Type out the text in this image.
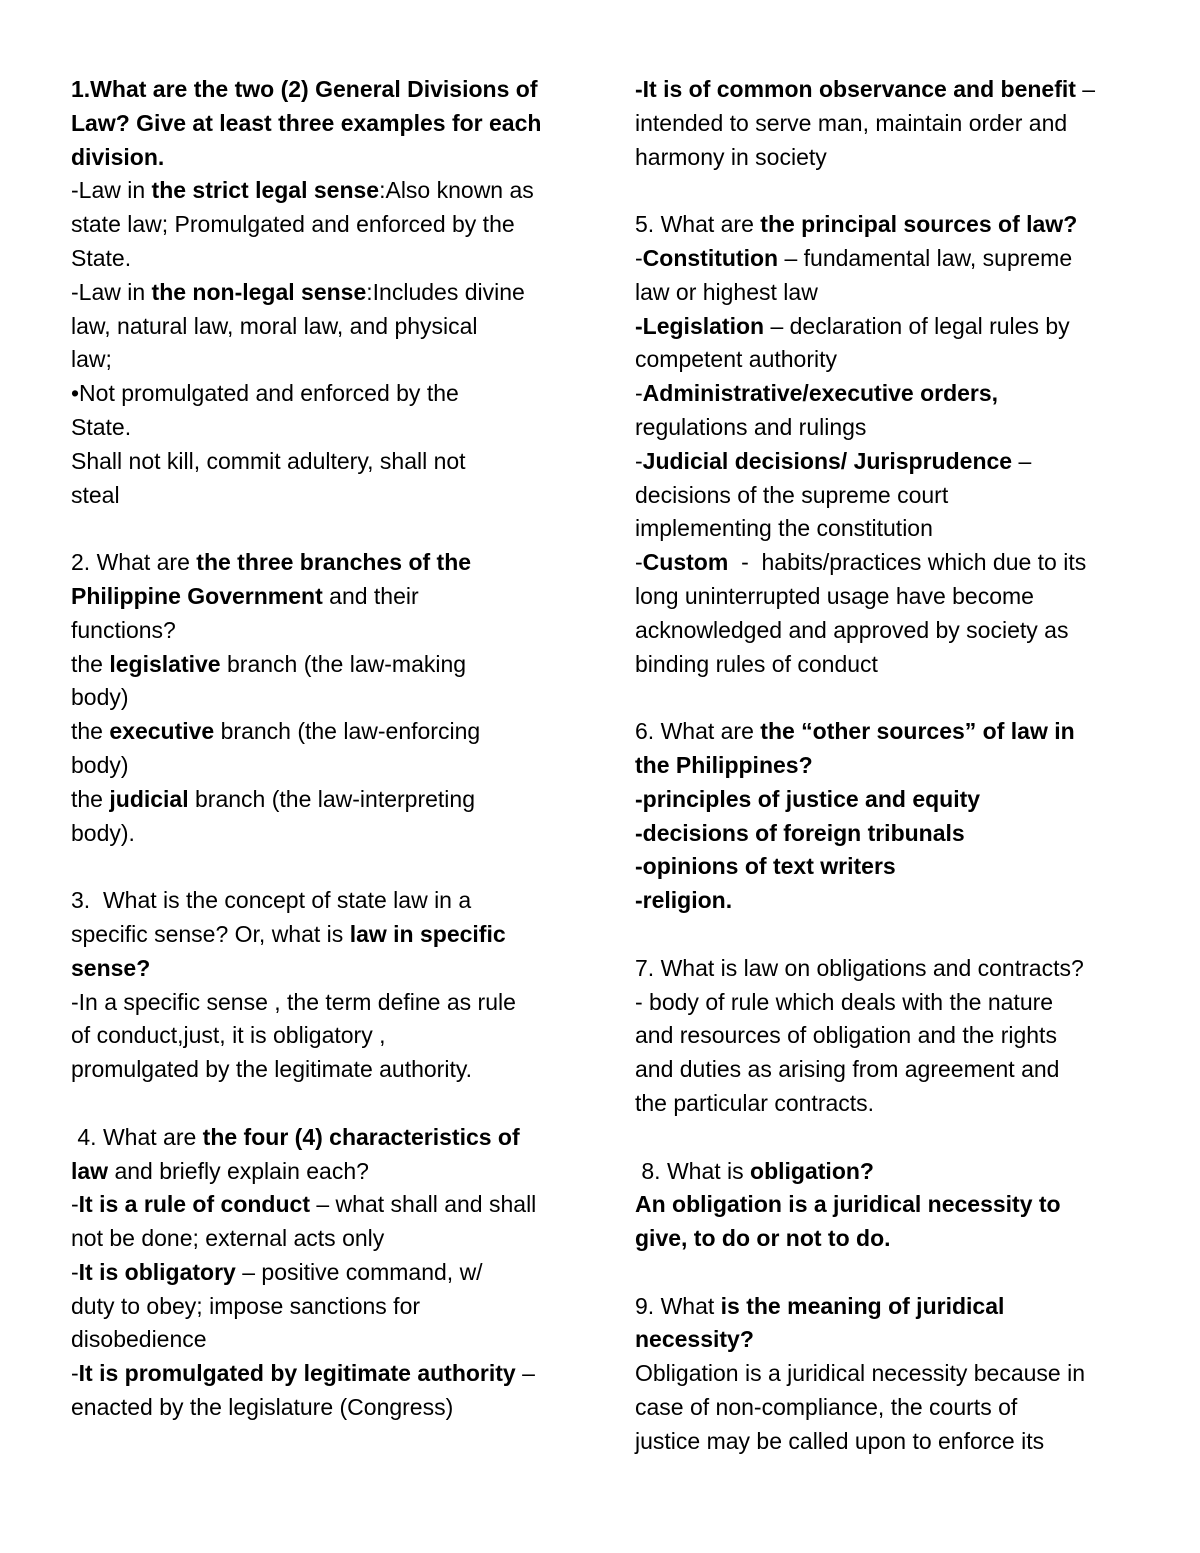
1.What are the two (2) General Divisions of
Law? Give at least three examples for each
division.
-Law in the strict legal sense:Also known as
state law; Promulgated and enforced by the
State.
-Law in the non-legal sense:Includes divine
law, natural law, moral law, and physical
law;
•Not promulgated and enforced by the
State.
Shall not kill, commit adultery, shall not
steal
2. What are the three branches of the
Philippine Government and their
functions?
the legislative branch (the law-making
body)
the executive branch (the law-enforcing
body)
the judicial branch (the law-interpreting
body).
3.  What is the concept of state law in a
specific sense? Or, what is law in specific
sense?
-In a specific sense , the term define as rule
of conduct,just, it is obligatory ,
promulgated by the legitimate authority.
4. What are the four (4) characteristics of
law and briefly explain each?
-It is a rule of conduct – what shall and shall
not be done; external acts only
-It is obligatory – positive command, w/
duty to obey; impose sanctions for
disobedience
-It is promulgated by legitimate authority –
enacted by the legislature (Congress)
-It is of common observance and benefit –
intended to serve man, maintain order and
harmony in society
5. What are the principal sources of law?
-Constitution – fundamental law, supreme
law or highest law
-Legislation – declaration of legal rules by
competent authority
-Administrative/executive orders,
regulations and rulings
-Judicial decisions/ Jurisprudence –
decisions of the supreme court
implementing the constitution
-Custom  -  habits/practices which due to its
long uninterrupted usage have become
acknowledged and approved by society as
binding rules of conduct
6. What are the “other sources” of law in
the Philippines?
-principles of justice and equity
-decisions of foreign tribunals
-opinions of text writers
-religion.
7. What is law on obligations and contracts?
- body of rule which deals with the nature
and resources of obligation and the rights
and duties as arising from agreement and
the particular contracts.
8. What is obligation?
An obligation is a juridical necessity to
give, to do or not to do.
9. What is the meaning of juridical
necessity?
Obligation is a juridical necessity because in
case of non-compliance, the courts of
justice may be called upon to enforce its
